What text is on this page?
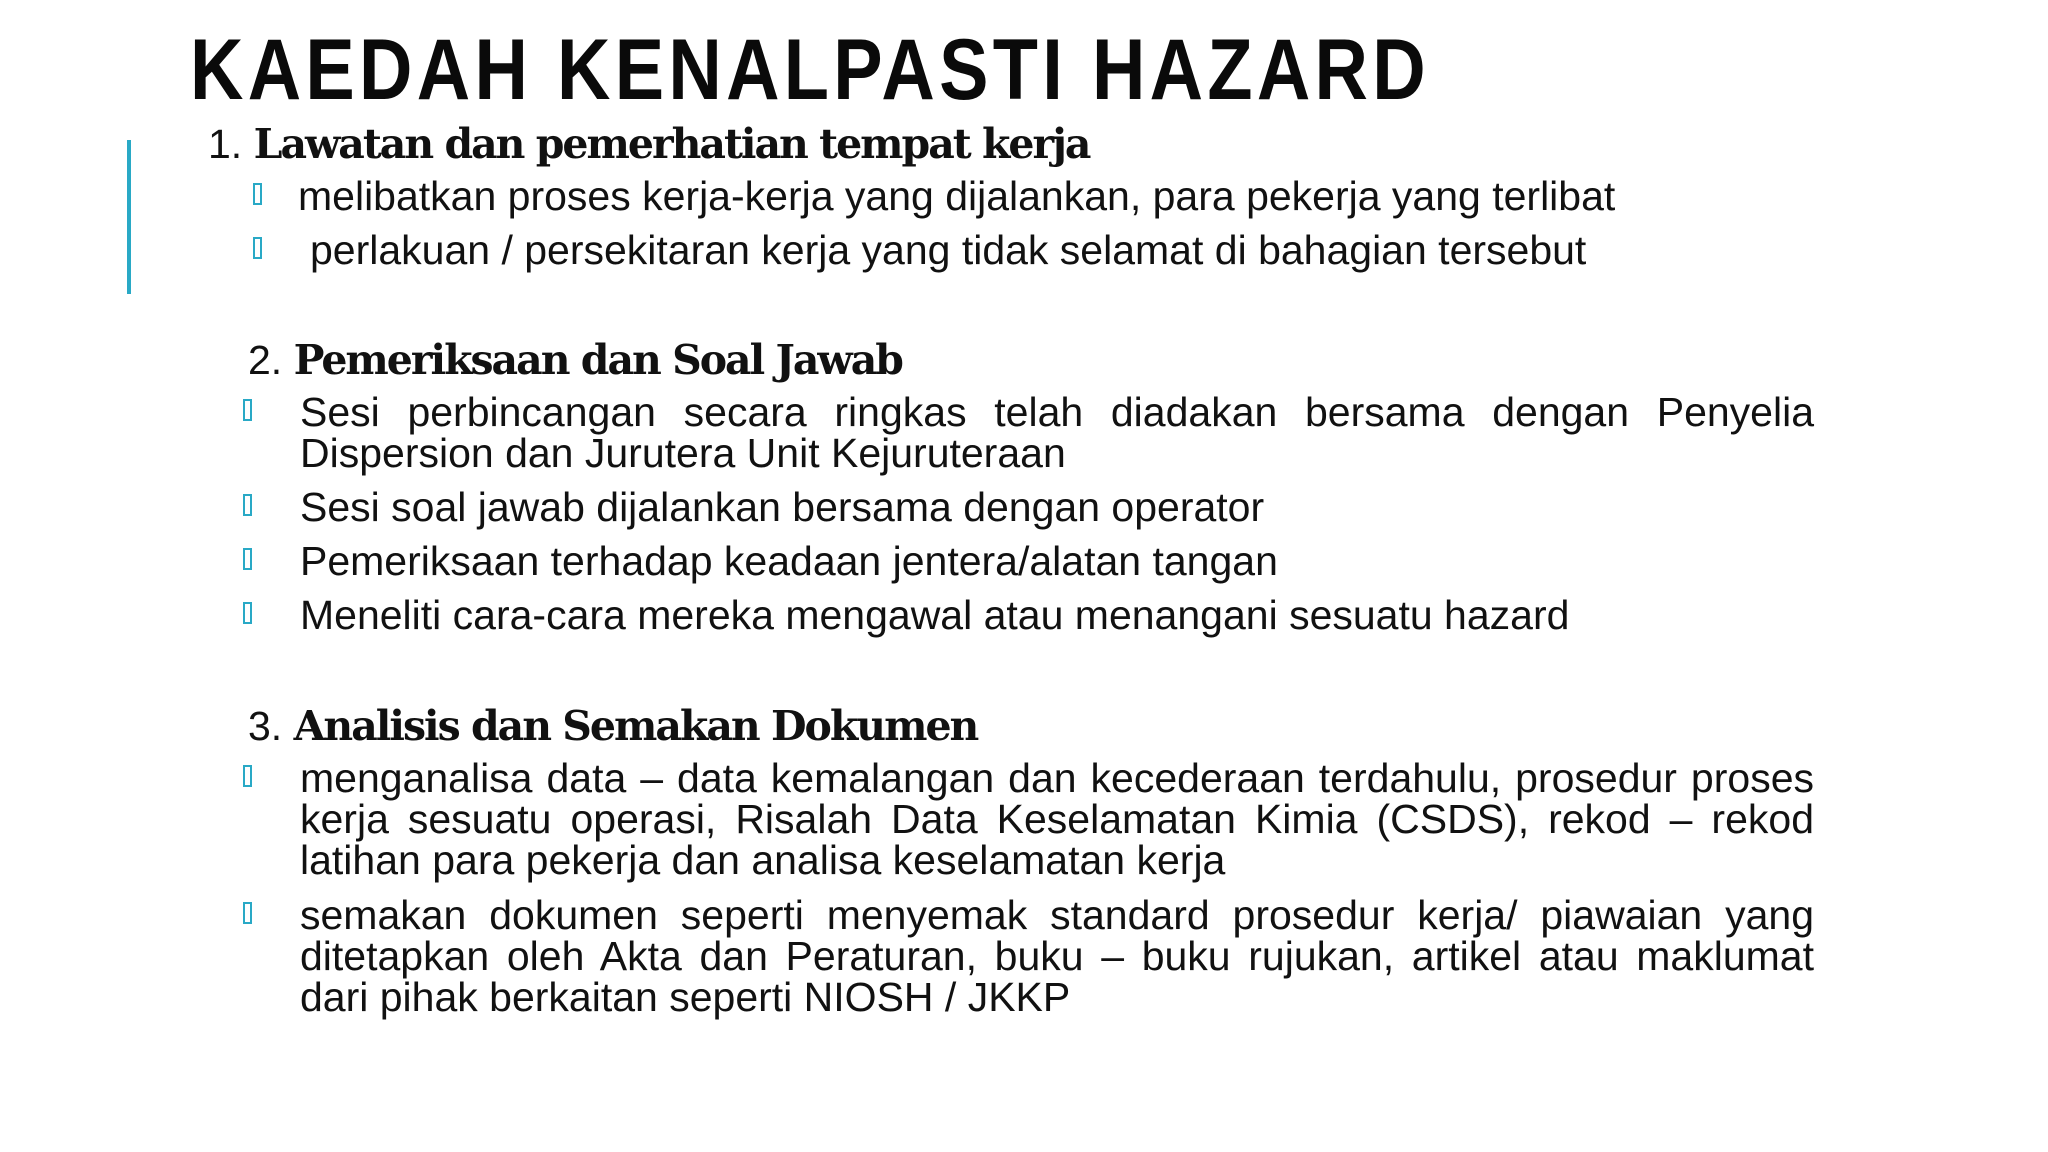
KAEDAH KENALPASTI HAZARD
1. Lawatan dan pemerhatian tempat kerja
melibatkan proses kerja-kerja yang dijalankan, para pekerja yang terlibat
perlakuan / persekitaran kerja yang tidak selamat di bahagian tersebut
2. Pemeriksaan dan Soal Jawab
Sesi perbincangan secara ringkas telah diadakan bersama dengan Penyelia Dispersion dan Jurutera Unit Kejuruteraan
Sesi soal jawab dijalankan bersama dengan operator
Pemeriksaan terhadap keadaan jentera/alatan tangan
Meneliti cara-cara mereka mengawal atau menangani sesuatu hazard
3. Analisis dan Semakan Dokumen
menganalisa data – data kemalangan dan kecederaan terdahulu, prosedur proses kerja sesuatu operasi, Risalah Data Keselamatan Kimia (CSDS), rekod – rekod latihan para pekerja dan analisa keselamatan kerja
semakan dokumen seperti menyemak standard prosedur kerja/ piawaian yang ditetapkan oleh Akta dan Peraturan, buku – buku rujukan, artikel atau maklumat dari pihak berkaitan seperti NIOSH / JKKP
